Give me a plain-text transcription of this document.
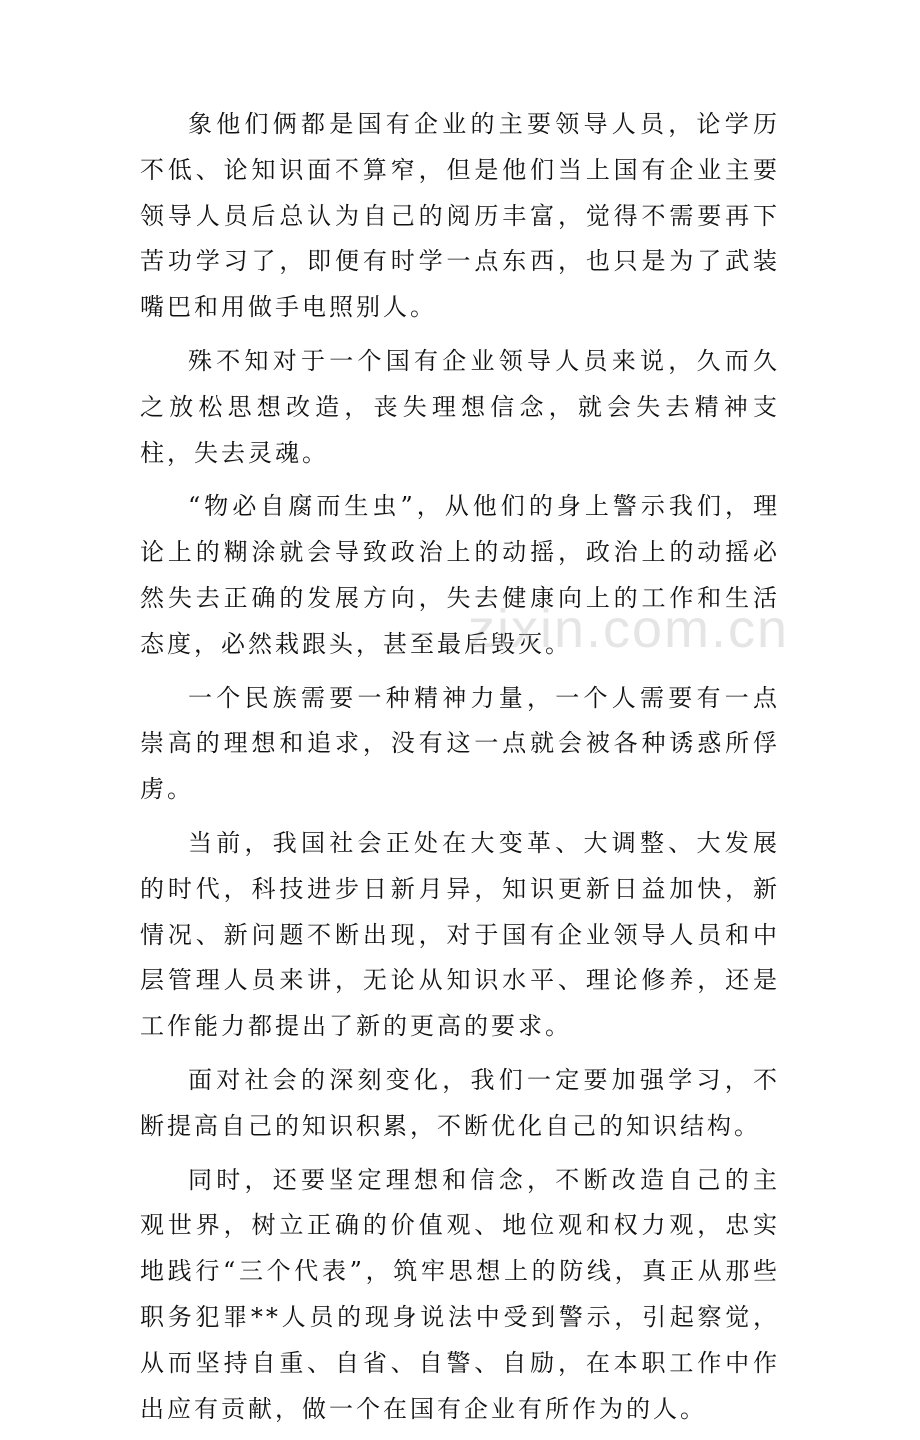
象他们俩都是国有企业的主要领导人员，论学历不低、论知识面不算窄，但是他们当上国有企业主要领导人员后总认为自己的阅历丰富，觉得不需要再下苦功学习了，即便有时学一点东西，也只是为了武装嘴巴和用做手电照别人。

殊不知对于一个国有企业领导人员来说，久而久之放松思想改造，丧失理想信念，就会失去精神支柱，失去灵魂。

“物必自腐而生虫”，从他们的身上警示我们，理论上的糊涂就会导致政治上的动摇，政治上的动摇必然失去正确的发展方向，失去健康向上的工作和生活态度，必然栽跟头，甚至最后毁灭。

一个民族需要一种精神力量，一个人需要有一点崇高的理想和追求，没有这一点就会被各种诱惑所俘虏。

当前，我国社会正处在大变革、大调整、大发展的时代，科技进步日新月异，知识更新日益加快，新情况、新问题不断出现，对于国有企业领导人员和中层管理人员来讲，无论从知识水平、理论修养，还是工作能力都提出了新的更高的要求。

面对社会的深刻变化，我们一定要加强学习，不断提高自己的知识积累，不断优化自己的知识结构。

同时，还要坚定理想和信念，不断改造自己的主观世界，树立正确的价值观、地位观和权力观，忠实地践行“三个代表”，筑牢思想上的防线，真正从那些职务犯罪**人员的现身说法中受到警示，引起察觉，从而坚持自重、自省、自警、自励，在本职工作中作出应有贡献，做一个在国有企业有所作为的人。

zixin.com.cn
